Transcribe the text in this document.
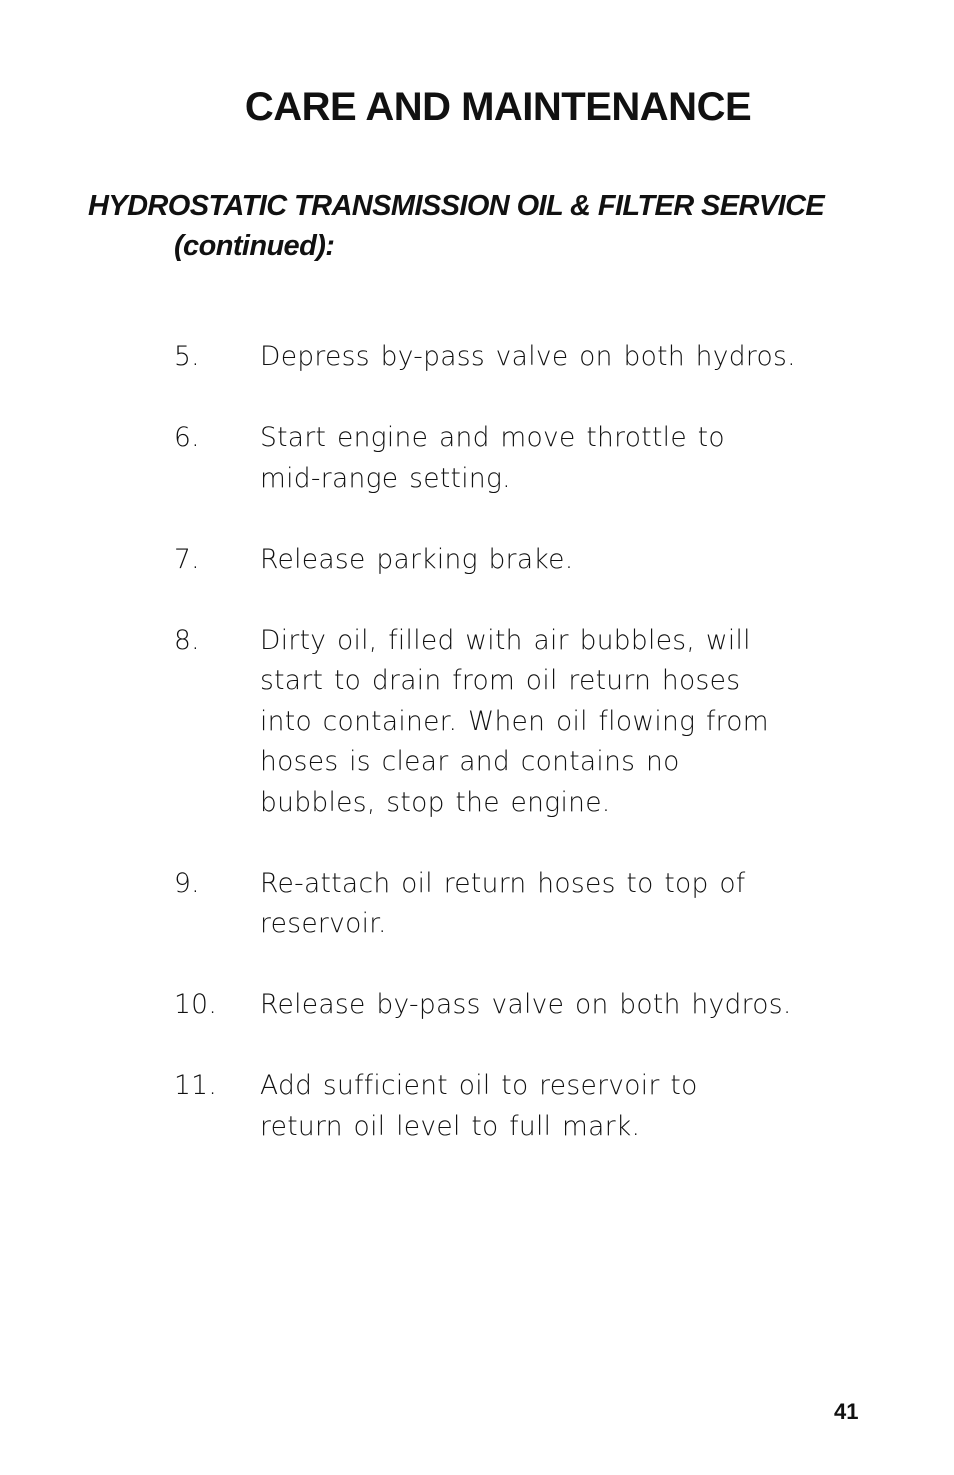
CARE AND MAINTENANCE
HYDROSTATIC TRANSMISSION OIL & FILTER SERVICE
(continued):
5.	Depress by-pass valve on both hydros.
6.	Start engine and move throttle to
mid-range setting.
7.	Release parking brake.
8.	Dirty oil, filled with air bubbles, will
start to drain from oil return hoses
into container. When oil flowing from
hoses is clear and contains no
bubbles, stop the engine.
9.	Re-attach oil return hoses to top of
reservoir.
10.	Release by-pass valve on both hydros.
11.	Add sufficient oil to reservoir to
return oil level to full mark.
41
